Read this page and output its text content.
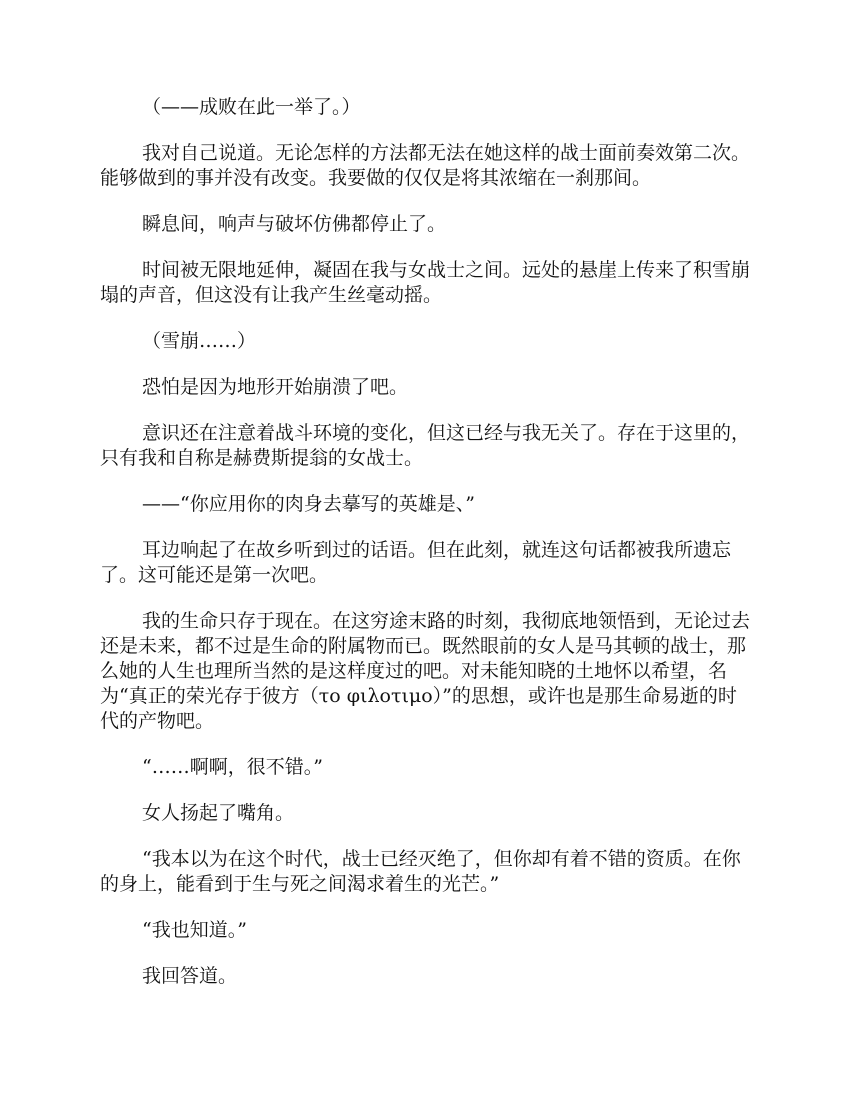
（——成败在此一举了。）

我对自己说道。无论怎样的方法都无法在她这样的战士面前奏效第二次。能够做到的事并没有改变。我要做的仅仅是将其浓缩在一刹那间。

瞬息间，响声与破坏仿佛都停止了。

时间被无限地延伸，凝固在我与女战士之间。远处的悬崖上传来了积雪崩塌的声音，但这没有让我产生丝毫动摇。

（雪崩……）

恐怕是因为地形开始崩溃了吧。

意识还在注意着战斗环境的变化，但这已经与我无关了。存在于这里的，只有我和自称是赫费斯提翁的女战士。

——“你应用你的肉身去摹写的英雄是、”

耳边响起了在故乡听到过的话语。但在此刻，就连这句话都被我所遗忘了。这可能还是第一次吧。

我的生命只存于现在。在这穷途末路的时刻，我彻底地领悟到，无论过去还是未来，都不过是生命的附属物而已。既然眼前的女人是马其顿的战士，那么她的人生也理所当然的是这样度过的吧。对未能知晓的土地怀以希望，名为“真正的荣光存于彼方（το φιλοτιμο）”的思想，或许也是那生命易逝的时代的产物吧。

“……啊啊，很不错。”

女人扬起了嘴角。

“我本以为在这个时代，战士已经灭绝了，但你却有着不错的资质。在你的身上，能看到于生与死之间渴求着生的光芒。”

“我也知道。”

我回答道。
